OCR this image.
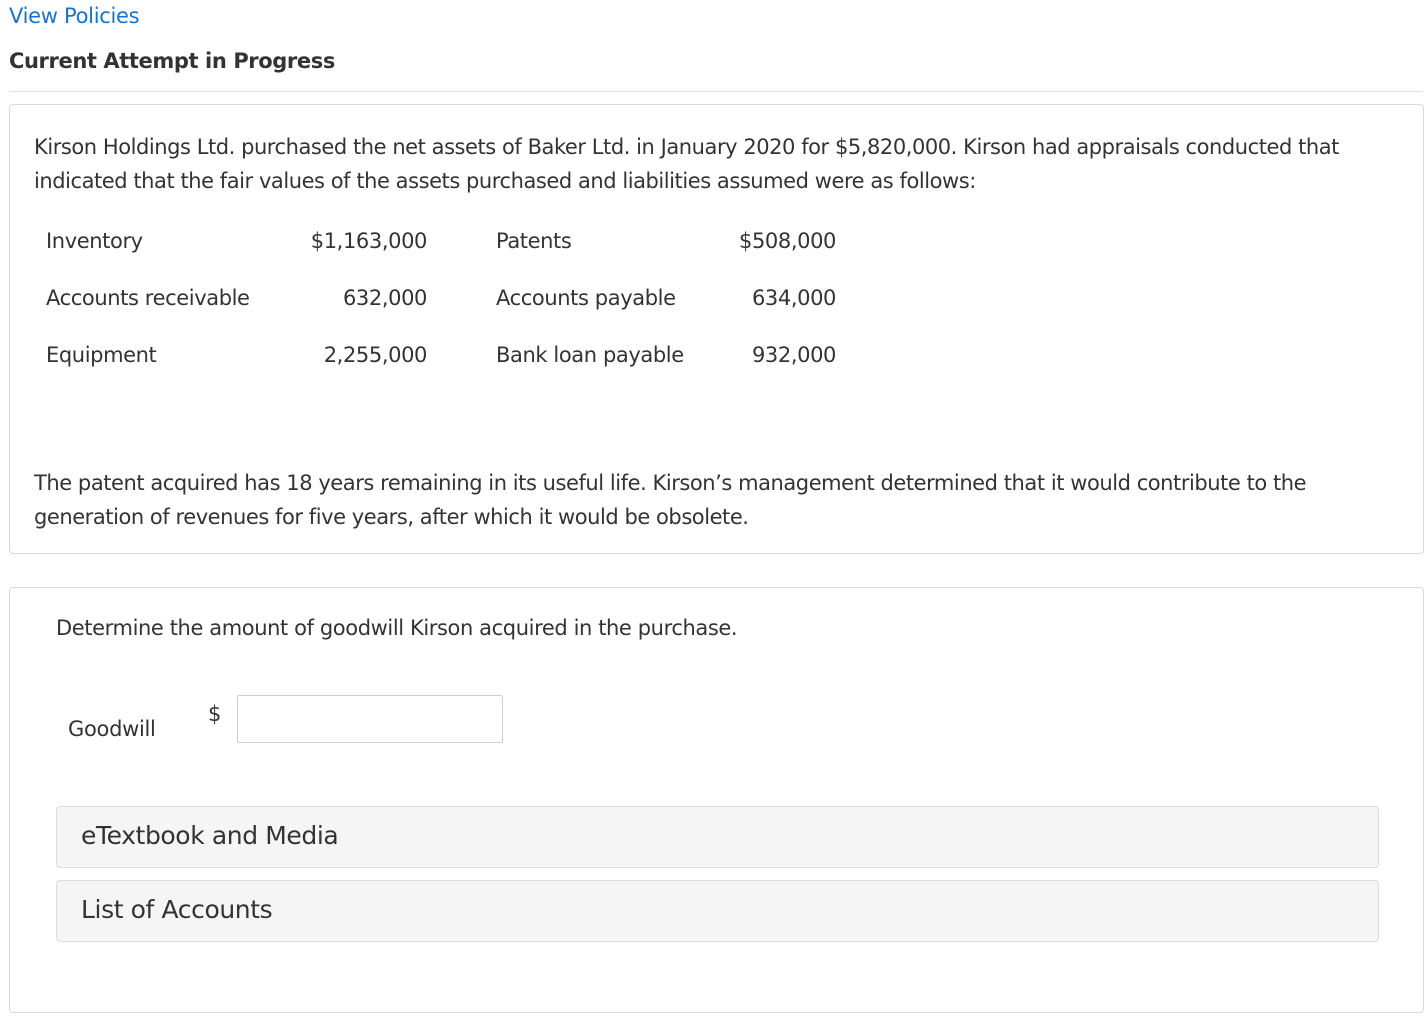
View Policies
Current Attempt in Progress

Kirson Holdings Ltd. purchased the net assets of Baker Ltd. in January 2020 for $5,820,000. Kirson had appraisals conducted that indicated that the fair values of the assets purchased and liabilities assumed were as follows:

Inventory	$1,163,000	Patents	$508,000
Accounts receivable	632,000	Accounts payable	634,000
Equipment	2,255,000	Bank loan payable	932,000

The patent acquired has 18 years remaining in its useful life. Kirson’s management determined that it would contribute to the generation of revenues for five years, after which it would be obsolete.

Determine the amount of goodwill Kirson acquired in the purchase.

Goodwill
$
eTextbook and Media
List of Accounts
